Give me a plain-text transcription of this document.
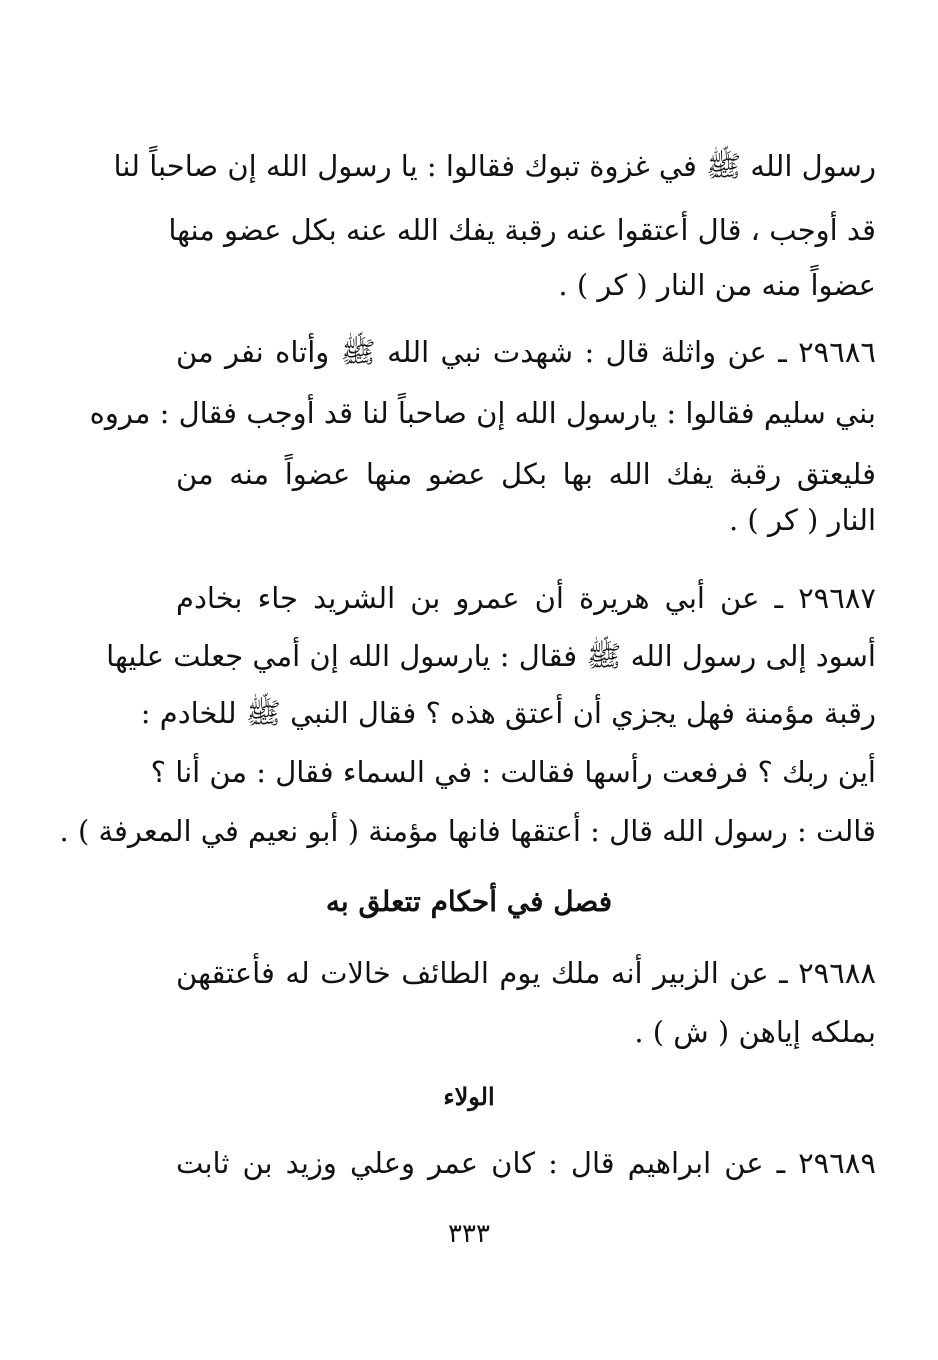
رسول الله ﷺ في غزوة تبوك فقالوا : يا رسول الله إن صاحباً لنا
قد أوجب ، قال أعتقوا عنه رقبة يفك الله عنه بكل عضو منها
عضواً منه من النار ( كر ) .
٢٩٦٨٦ ـ عن واثلة قال : شهدت نبي الله ﷺ وأتاه نفر من
بني سليم فقالوا : يارسول الله إن صاحباً لنا قد أوجب فقال : مروه
فليعتق رقبة يفك الله بها بكل عضو منها عضواً منه من
النار ( كر ) .
٢٩٦٨٧ ـ عن أبي هريرة أن عمرو بن الشريد جاء بخادم
أسود إلى رسول الله ﷺ فقال : يارسول الله إن أمي جعلت عليها
رقبة مؤمنة فهل يجزي أن أعتق هذه ؟ فقال النبي ﷺ للخادم :
أين ربك ؟ فرفعت رأسها فقالت : في السماء فقال : من أنا ؟
قالت : رسول الله قال : أعتقها فانها مؤمنة ( أبو نعيم في المعرفة ) .
فصل في أحكام تتعلق به
٢٩٦٨٨ ـ عن الزبير أنه ملك يوم الطائف خالات له فأعتقهن
بملكه إياهن ( ش ) .
الولاء
٢٩٦٨٩ ـ عن ابراهيم قال : كان عمر وعلي وزيد بن ثابت
٣٣٣
